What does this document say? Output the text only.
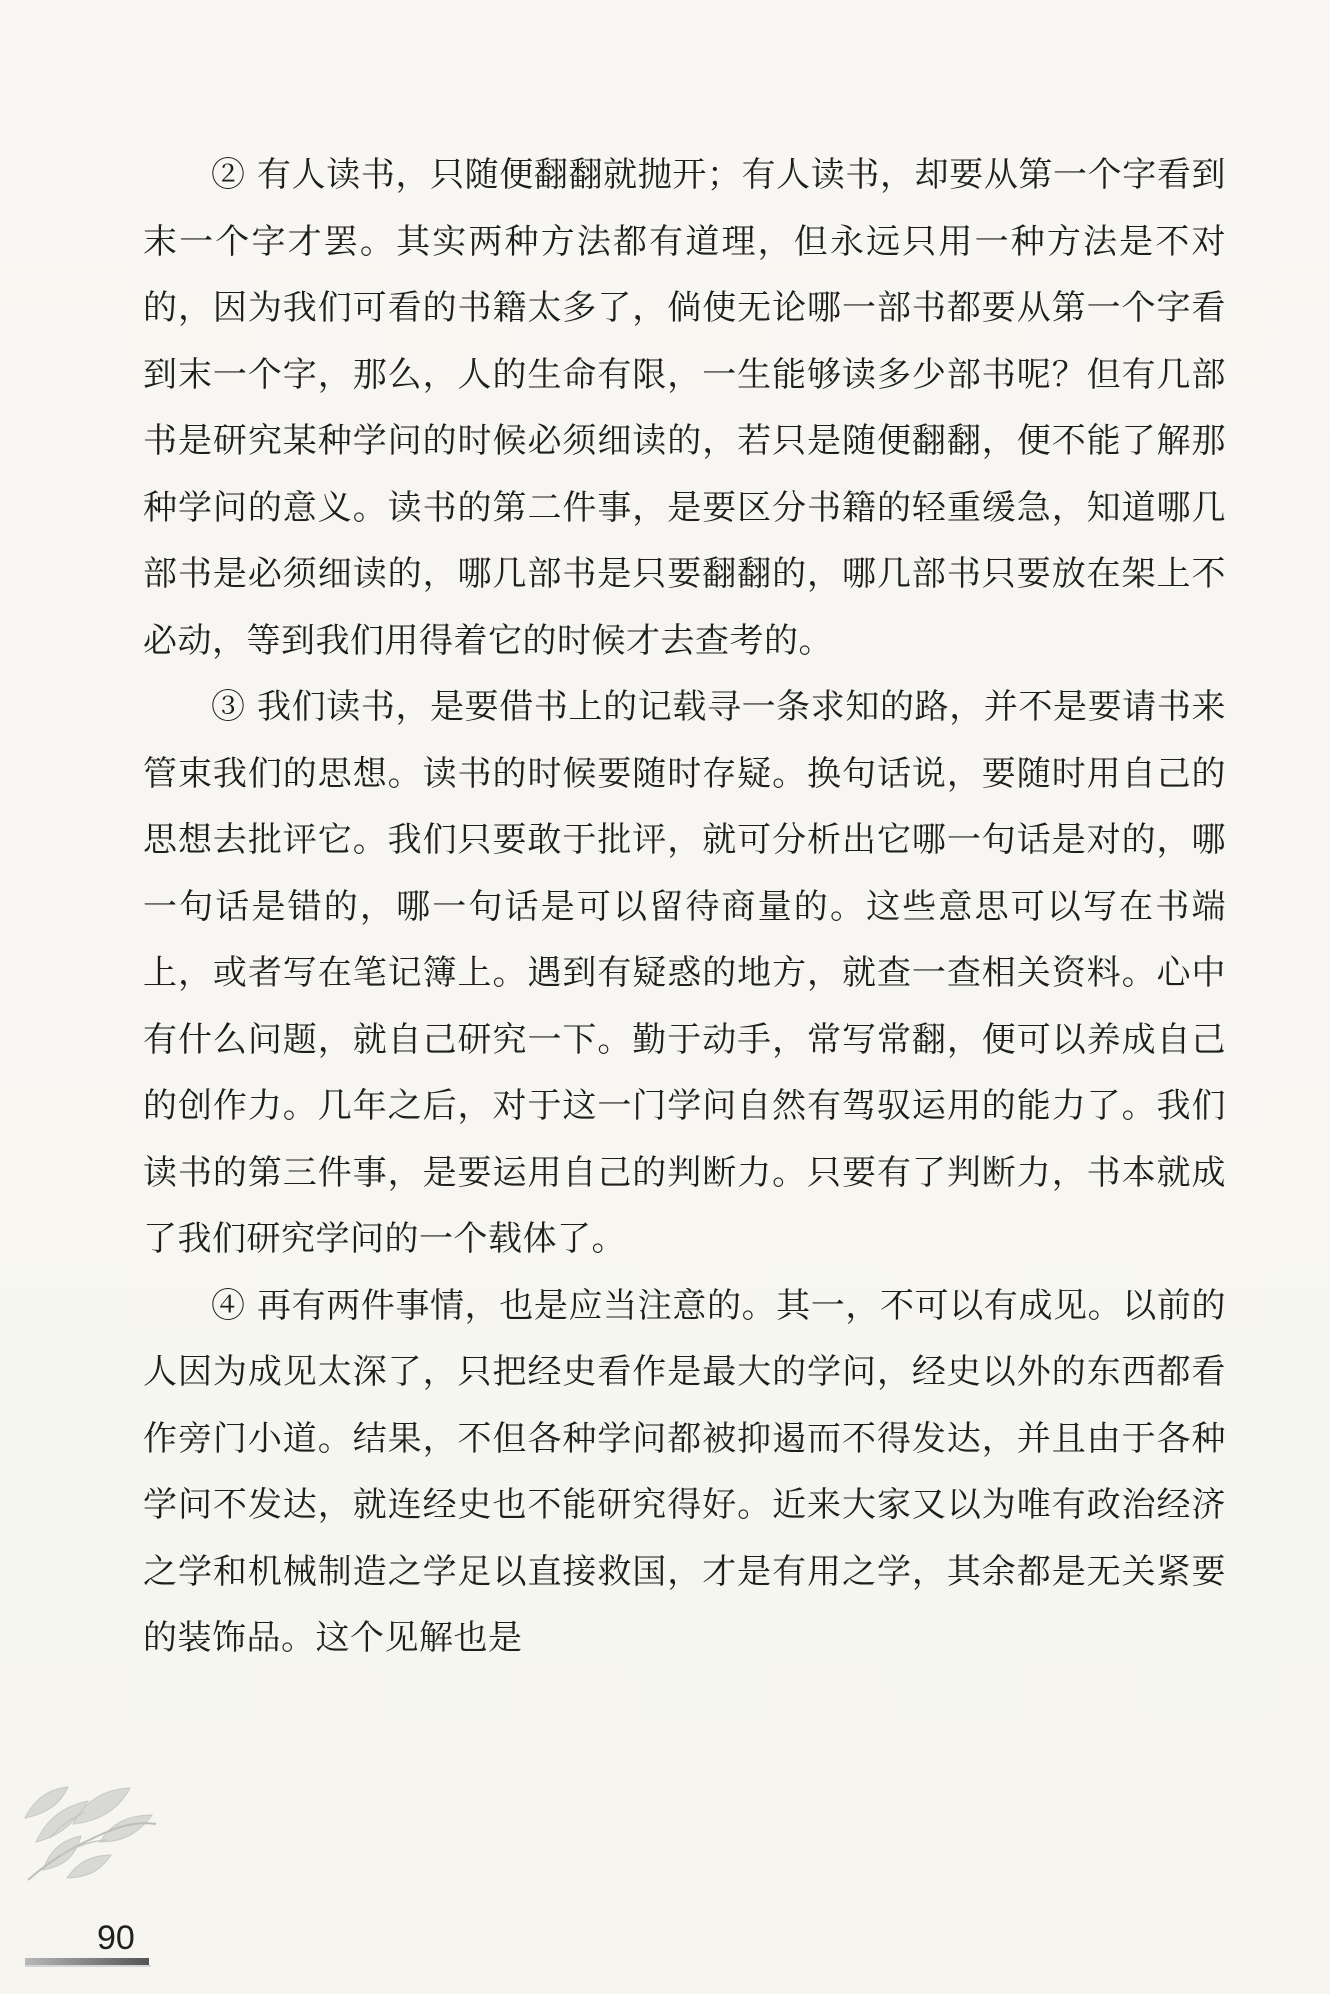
② 有人读书，只随便翻翻就抛开；有人读书，却要从第一个字看到末一个字才罢。其实两种方法都有道理，但永远只用一种方法是不对的，因为我们可看的书籍太多了，倘使无论哪一部书都要从第一个字看到末一个字，那么，人的生命有限，一生能够读多少部书呢？但有几部书是研究某种学问的时候必须细读的，若只是随便翻翻，便不能了解那种学问的意义。读书的第二件事，是要区分书籍的轻重缓急，知道哪几部书是必须细读的，哪几部书是只要翻翻的，哪几部书只要放在架上不必动，等到我们用得着它的时候才去查考的。

③ 我们读书，是要借书上的记载寻一条求知的路，并不是要请书来管束我们的思想。读书的时候要随时存疑。换句话说，要随时用自己的思想去批评它。我们只要敢于批评，就可分析出它哪一句话是对的，哪一句话是错的，哪一句话是可以留待商量的。这些意思可以写在书端上，或者写在笔记簿上。遇到有疑惑的地方，就查一查相关资料。心中有什么问题，就自己研究一下。勤于动手，常写常翻，便可以养成自己的创作力。几年之后，对于这一门学问自然有驾驭运用的能力了。我们读书的第三件事，是要运用自己的判断力。只要有了判断力，书本就成了我们研究学问的一个载体了。

④ 再有两件事情，也是应当注意的。其一，不可以有成见。以前的人因为成见太深了，只把经史看作是最大的学问，经史以外的东西都看作旁门小道。结果，不但各种学问都被抑遏而不得发达，并且由于各种学问不发达，就连经史也不能研究得好。近来大家又以为唯有政治经济之学和机械制造之学足以直接救国，才是有用之学，其余都是无关紧要的装饰品。这个见解也是

90
